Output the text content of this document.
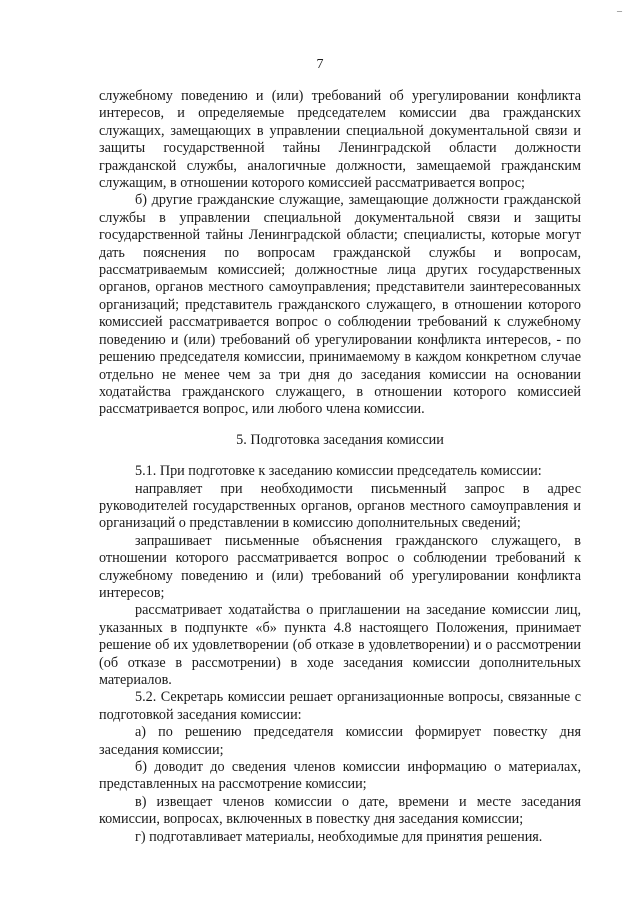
–
7

служебному поведению и (или) требований об урегулировании конфликта интересов, и определяемые председателем комиссии два гражданских служащих, замещающих в управлении специальной документальной связи и защиты государственной тайны Ленинградской области должности гражданской службы, аналогичные должности, замещаемой гражданским служащим, в отношении которого комиссией рассматривается вопрос;

б) другие гражданские служащие, замещающие должности гражданской службы в управлении специальной документальной связи и защиты государственной тайны Ленинградской области; специалисты, которые могут дать пояснения по вопросам гражданской службы и вопросам, рассматриваемым комиссией; должностные лица других государственных органов, органов местного самоуправления; представители заинтересованных организаций; представитель гражданского служащего, в отношении которого комиссией рассматривается вопрос о соблюдении требований к служебному поведению и (или) требований об урегулировании конфликта интересов, - по решению председателя комиссии, принимаемому в каждом конкретном случае отдельно не менее чем за три дня до заседания комиссии на основании ходатайства гражданского служащего, в отношении которого комиссией рассматривается вопрос, или любого члена комиссии.

5. Подготовка заседания комиссии

5.1. При подготовке к заседанию комиссии председатель комиссии:

направляет при необходимости письменный запрос в адрес руководителей государственных органов, органов местного самоуправления и организаций о представлении в комиссию дополнительных сведений;

запрашивает письменные объяснения гражданского служащего, в отношении которого рассматривается вопрос о соблюдении требований к служебному поведению и (или) требований об урегулировании конфликта интересов;

рассматривает ходатайства о приглашении на заседание комиссии лиц, указанных в подпункте «б» пункта 4.8 настоящего Положения, принимает решение об их удовлетворении (об отказе в удовлетворении) и о рассмотрении (об отказе в рассмотрении) в ходе заседания комиссии дополнительных материалов.

5.2. Секретарь комиссии решает организационные вопросы, связанные с подготовкой заседания комиссии:

а) по решению председателя комиссии формирует повестку дня заседания комиссии;

б) доводит до сведения членов комиссии информацию о материалах, представленных на рассмотрение комиссии;

в) извещает членов комиссии о дате, времени и месте заседания комиссии, вопросах, включенных в повестку дня заседания комиссии;

г) подготавливает материалы, необходимые для принятия решения.
